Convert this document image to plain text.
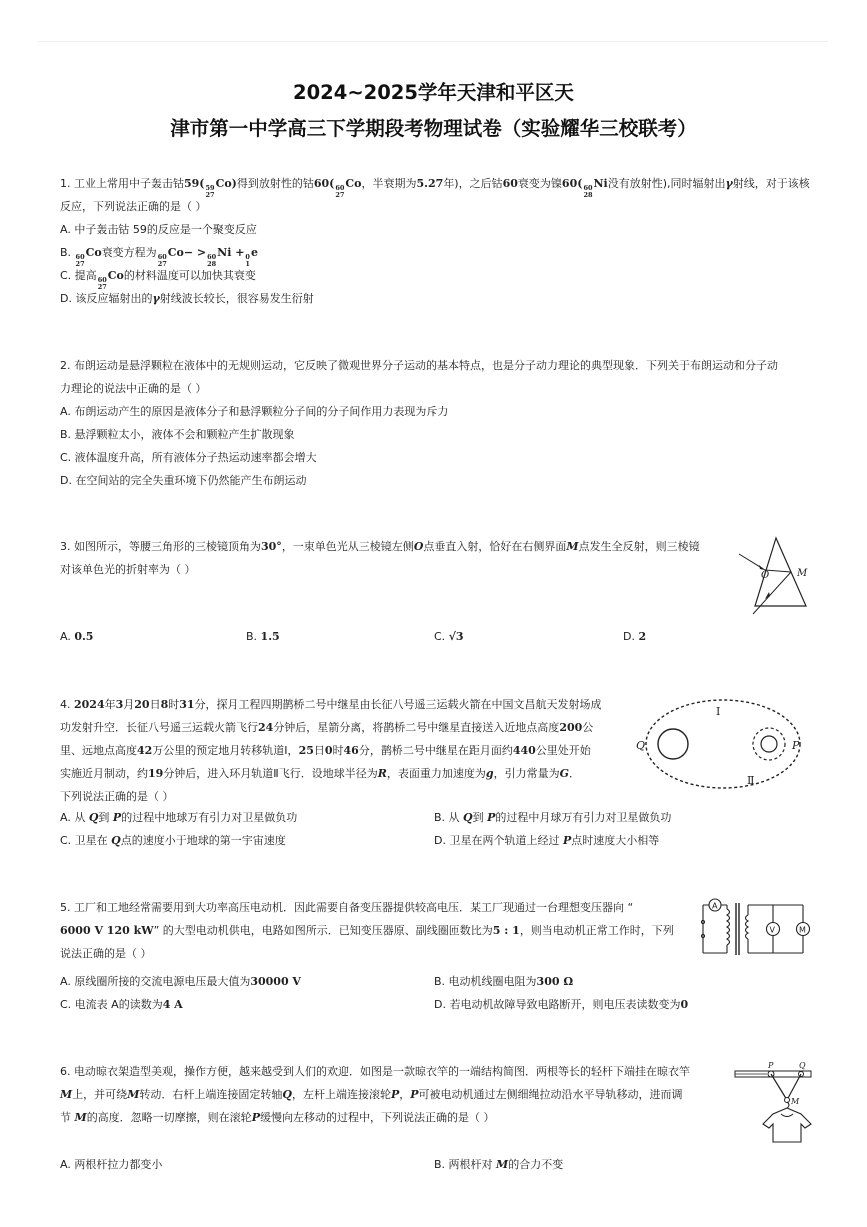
2024~2025学年天津和平区天
津市第一中学高三下学期段考物理试卷（实验耀华三校联考）
1. 工业上常用中子轰击钴59( 59
27
Co)得到放射性的钴60( 60
27
Co，半衰期为5.27年)，之后钴60衰变为镍60( 60
28
Ni没有放射性),同时辐射出γ射线，对于该核
反应，下列说法正确的是（ ）
A. 中子轰击钴 59的反应是一个聚变反应
B. 60
27
Co衰变方程为 60
27
Co− > 60
28
Ni + 0
1
e
C. 提高 60
27
Co的材料温度可以加快其衰变
D. 该反应辐射出的γ射线波长较长，很容易发生衍射
2. 布朗运动是悬浮颗粒在液体中的无规则运动，它反映了微观世界分子运动的基本特点，也是分子动力理论的典型现象．下列关于布朗运动和分子动
力理论的说法中正确的是（ ）
A. 布朗运动产生的原因是液体分子和悬浮颗粒分子间的分子间作用力表现为斥力
B. 悬浮颗粒太小，液体不会和颗粒产生扩散现象
C. 液体温度升高，所有液体分子热运动速率都会增大
D. 在空间站的完全失重环境下仍然能产生布朗运动
3. 如图所示，等腰三角形的三棱镜顶角为30°，一束单色光从三棱镜左侧O点垂直入射，恰好在右侧界面M点发生全反射，则三棱镜
对该单色光的折射率为（ ）
A. 0.5	B. 1.5	C. √3	D. 2
O	M
4. 2024年3月20日8时31分，探月工程四期鹊桥二号中继星由长征八号遥三运载火箭在中国文昌航天发射场成
功发射升空．长征八号遥三运载火箭飞行24分钟后，星箭分离，将鹊桥二号中继星直接送入近地点高度200公
里、远地点高度42万公里的预定地月转移轨道Ⅰ，25日0时46分，鹊桥二号中继星在距月面约440公里处开始
实施近月制动，约19分钟后，进入环月轨道Ⅱ飞行．设地球半径为R，表面重力加速度为g，引力常量为G．
下列说法正确的是（ ）
A. 从 Q到 P的过程中地球万有引力对卫星做负功	B. 从 Q到 P的过程中月球万有引力对卫星做负功
C. 卫星在 Q点的速度小于地球的第一宇宙速度	D. 卫星在两个轨道上经过 P点时速度大小相等
Ⅰ
Ⅱ
Q	P
5. 工厂和工地经常需要用到大功率高压电动机．因此需要自备变压器提供较高电压．某工厂现通过一台理想变压器向 “
6000 V 120 kW” 的大型电动机供电，电路如图所示．已知变压器原、副线圈匝数比为5 : 1，则当电动机正常工作时，下列
说法正确的是（ ）
A. 原线圈所接的交流电源电压最大值为30000 V	B. 电动机线圈电阻为300 Ω
C. 电流表 A的读数为4 A	D. 若电动机故障导致电路断开，则电压表读数变为0
A
V	M
6. 电动晾衣架造型美观，操作方便，越来越受到人们的欢迎．如图是一款晾衣竿的一端结构简图．两根等长的轻杆下端挂在晾衣竿
M上，并可绕M转动．右杆上端连接固定转轴Q，左杆上端连接滚轮P，P可被电动机通过左侧细绳拉动沿水平导轨移动，进而调
节 M的高度．忽略一切摩擦，则在滚轮P缓慢向左移动的过程中，下列说法正确的是（ ）
A. 两根杆拉力都变小	B. 两根杆对 M的合力不变
P	Q
M
